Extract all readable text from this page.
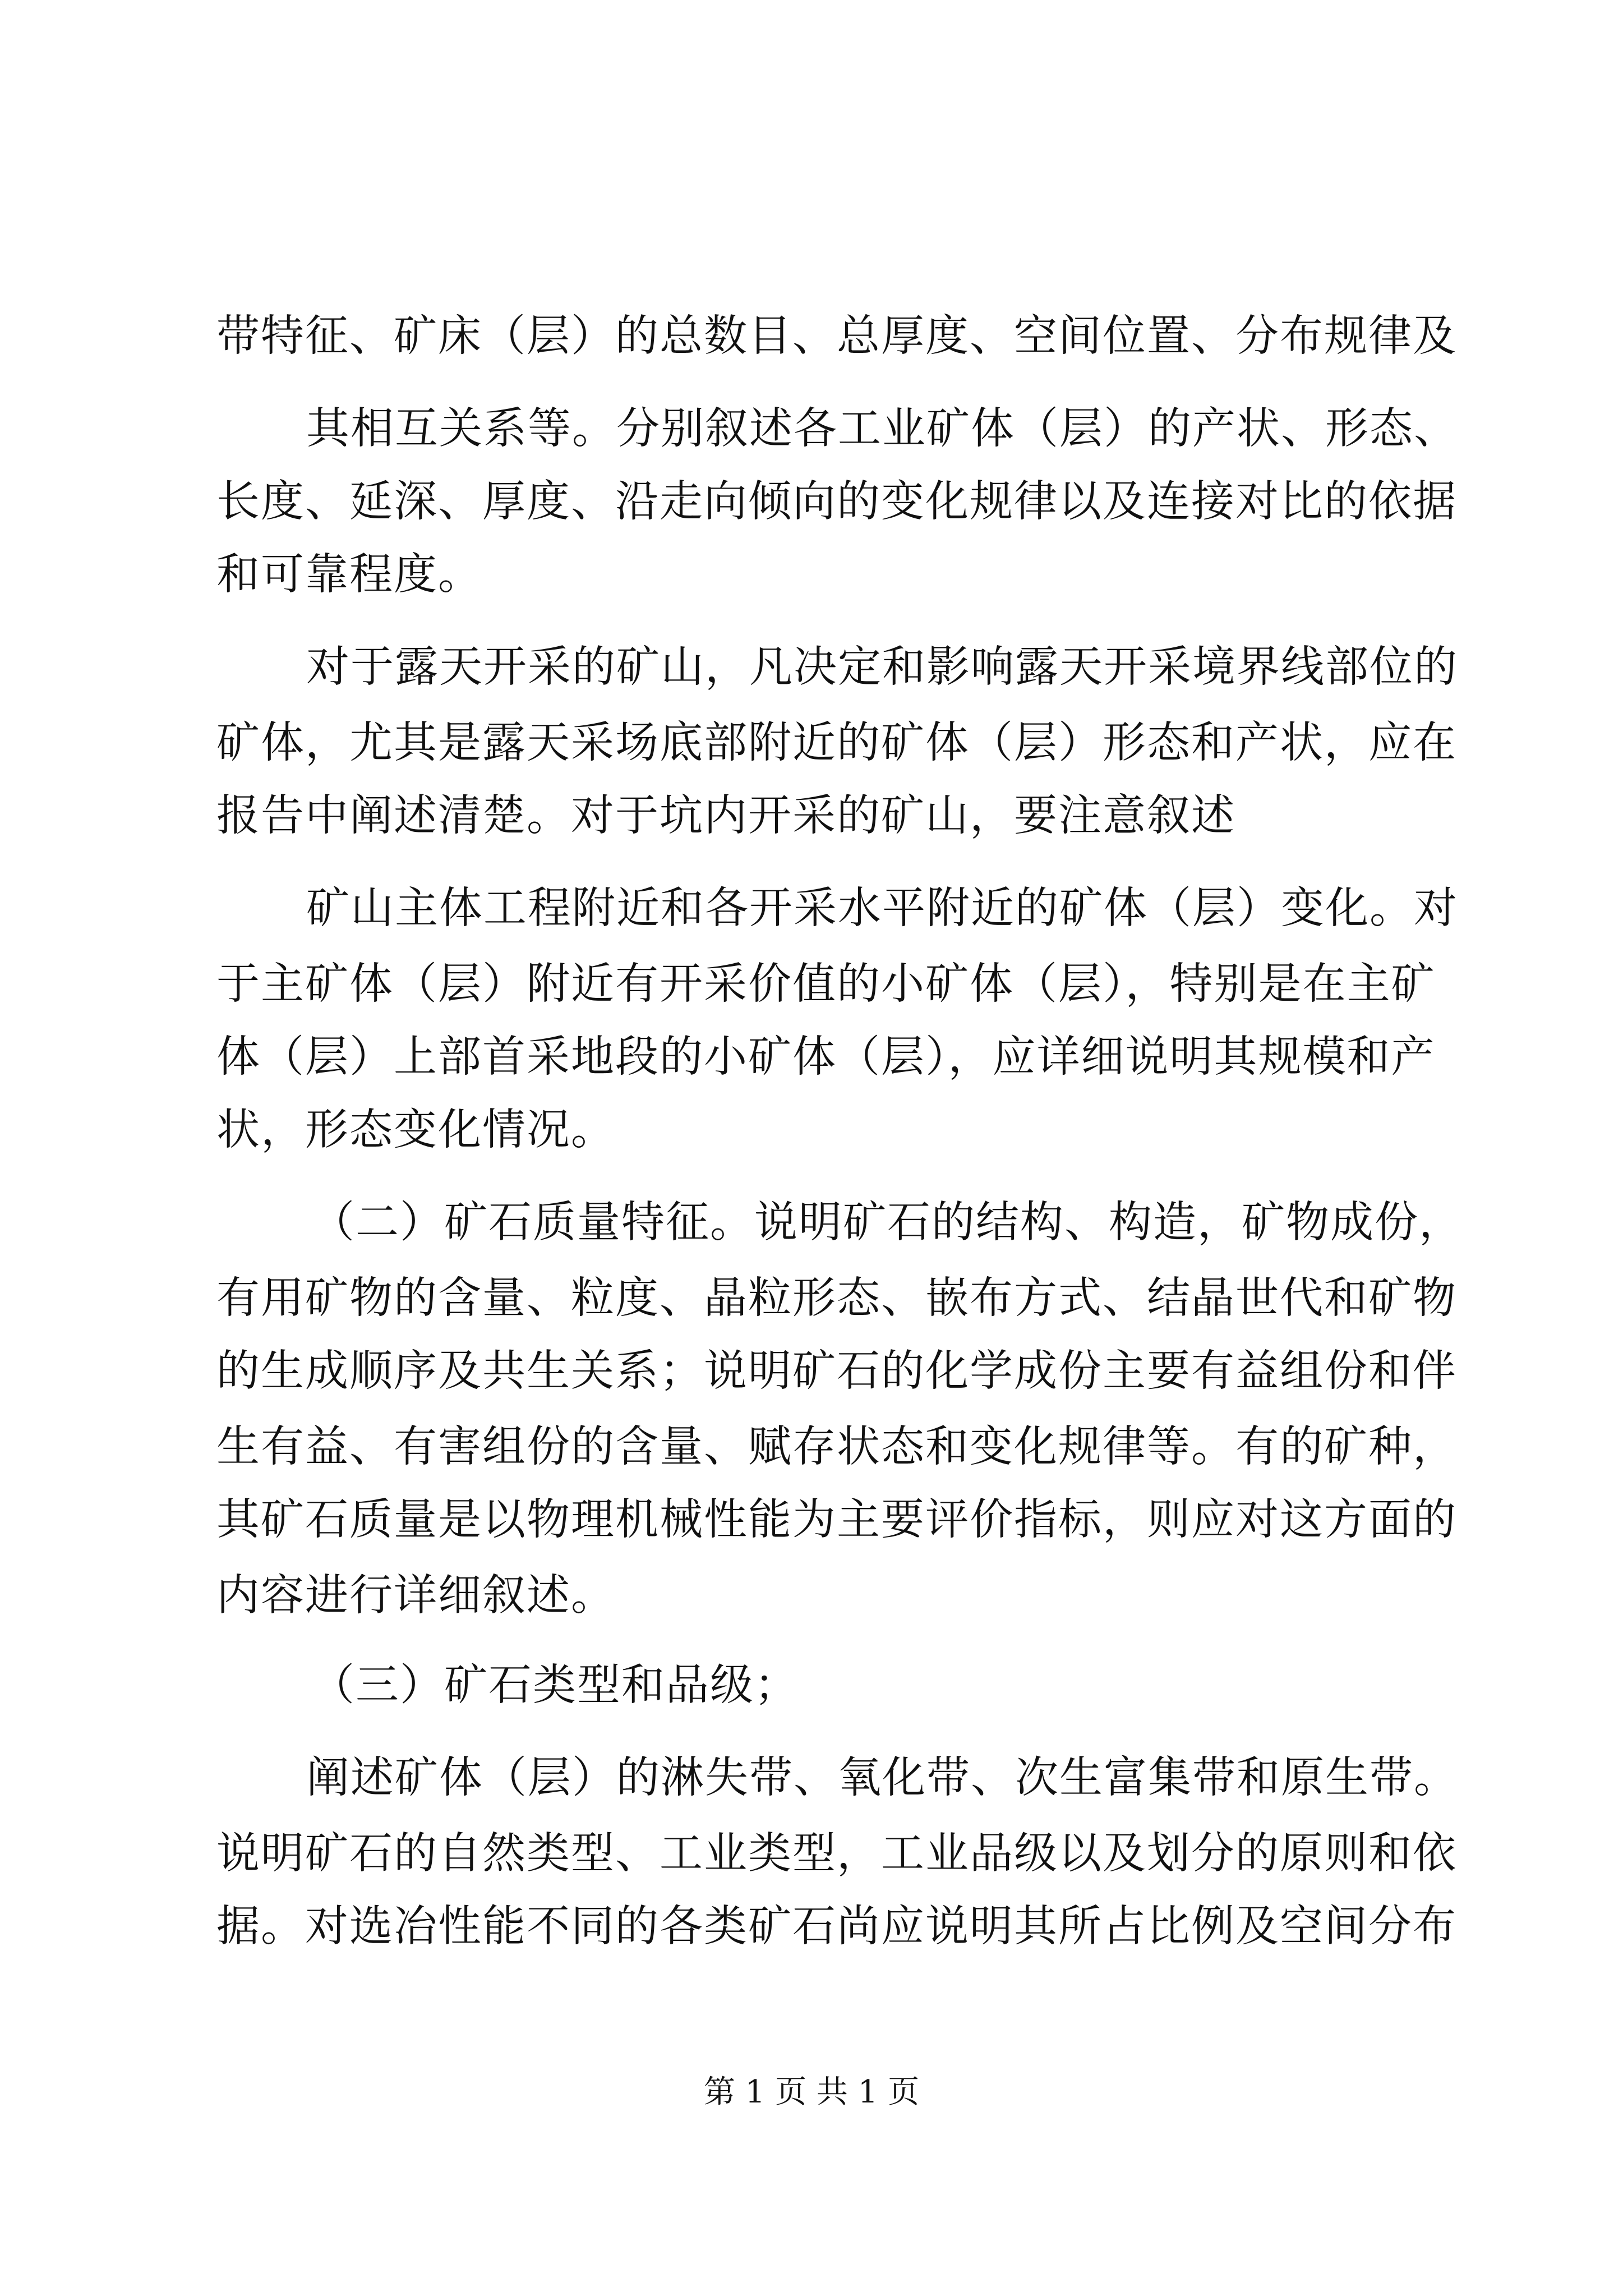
带特征、矿床（层）的总数目、总厚度、空间位置、分布规律及
其相互关系等。分别叙述各工业矿体（层）的产状、形态、
长度、延深、厚度、沿走向倾向的变化规律以及连接对比的依据
和可靠程度。
对于露天开采的矿山，凡决定和影响露天开采境界线部位的
矿体，尤其是露天采场底部附近的矿体（层）形态和产状，应在
报告中阐述清楚。对于坑内开采的矿山，要注意叙述
矿山主体工程附近和各开采水平附近的矿体（层）变化。对
于主矿体（层）附近有开采价值的小矿体（层），特别是在主矿
体（层）上部首采地段的小矿体（层），应详细说明其规模和产
状，形态变化情况。
（二）矿石质量特征。说明矿石的结构、构造，矿物成份，
有用矿物的含量、粒度、晶粒形态、嵌布方式、结晶世代和矿物
的生成顺序及共生关系；说明矿石的化学成份主要有益组份和伴
生有益、有害组份的含量、赋存状态和变化规律等。有的矿种，
其矿石质量是以物理机械性能为主要评价指标，则应对这方面的
内容进行详细叙述。
（三）矿石类型和品级；
阐述矿体（层）的淋失带、氧化带、次生富集带和原生带。
说明矿石的自然类型、工业类型，工业品级以及划分的原则和依
据。对选冶性能不同的各类矿石尚应说明其所占比例及空间分布
第 1 页 共 1 页
